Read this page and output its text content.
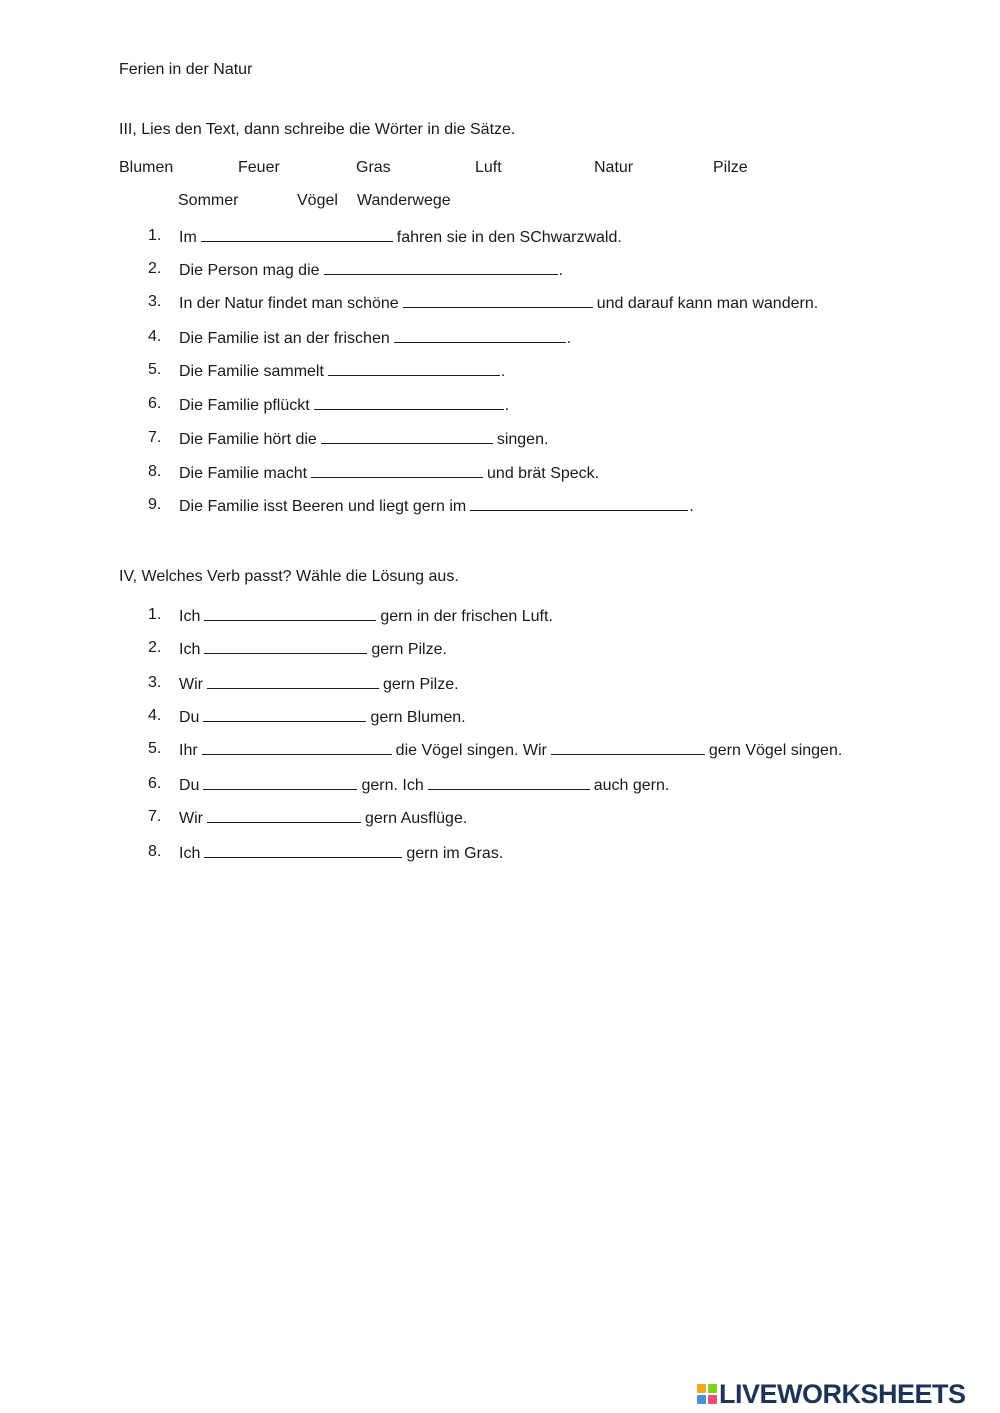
Ferien in der Natur
III, Lies den Text, dann schreibe die Wörter in die Sätze.
Blumen	Feuer	Gras	Luft	Natur	Pilze
Sommer	Vögel Wanderwege
1.	Im	fahren sie in den SChwarzwald.
2.	Die Person mag die	.
3.	In der Natur findet man schöne	und darauf kann man wandern.
4.	Die Familie ist an der frischen	.
5.	Die Familie sammelt	.
6.	Die Familie pflückt	.
7.	Die Familie hört die	singen.
8.	Die Familie macht	und brät Speck.
9.	Die Familie isst Beeren und liegt gern im	.
IV, Welches Verb passt? Wähle die Lösung aus.
1.	Ich	gern in der frischen Luft.
2.	Ich	gern Pilze.
3.	Wir	gern Pilze.
4.	Du	gern Blumen.
5.	Ihr	die Vögel singen. Wir	gern Vögel singen.
6.	Du	gern. Ich	auch gern.
7.	Wir	gern Ausflüge.
8.	Ich	gern im Gras.
LIVEWORKSHEETS
